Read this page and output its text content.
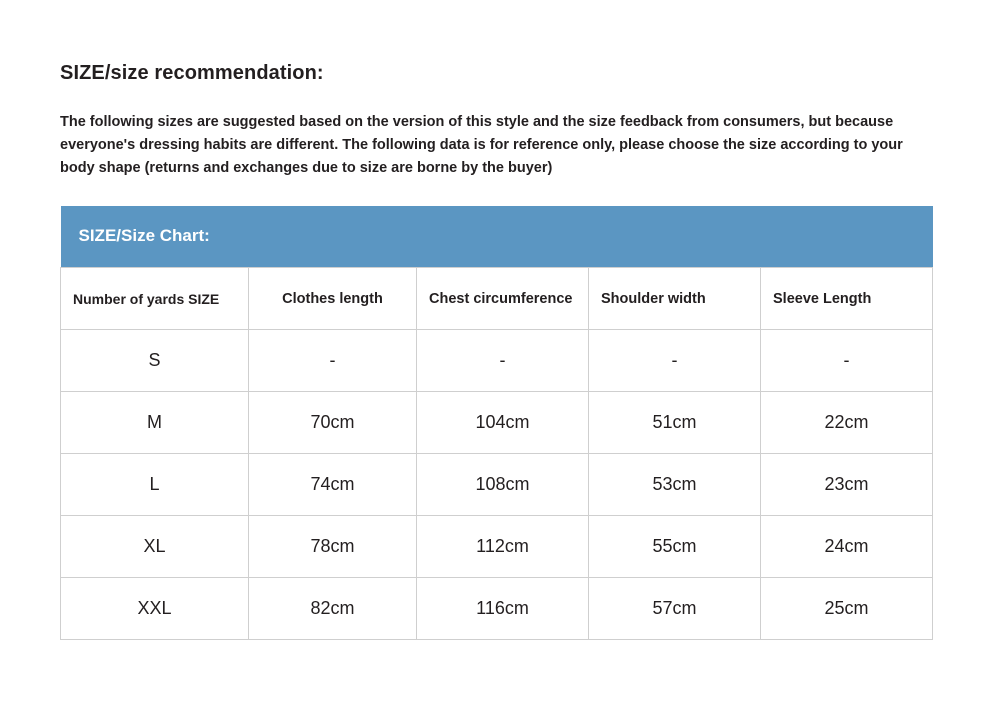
SIZE/size recommendation:

The following sizes are suggested based on the version of this style and the size feedback from consumers, but because everyone's dressing habits are different. The following data is for reference only, please choose the size according to your body shape (returns and exchanges due to size are borne by the buyer)

SIZE/Size Chart:				
Number of yards SIZE	Clothes length	Chest circumference	Shoulder width	Sleeve Length
S	-	-	-	-
M	70cm	104cm	51cm	22cm
L	74cm	108cm	53cm	23cm
XL	78cm	112cm	55cm	24cm
XXL	82cm	116cm	57cm	25cm
